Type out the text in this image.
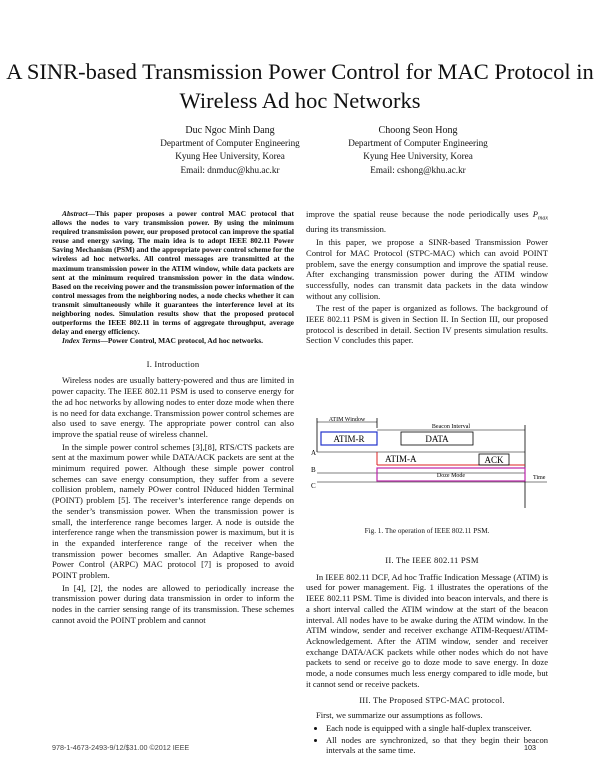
A SINR-based Transmission Power Control for MAC Protocol in Wireless Ad hoc Networks
Duc Ngoc Minh Dang
Department of Computer Engineering
Kyung Hee University, Korea
Email: dnmduc@khu.ac.kr
Choong Seon Hong
Department of Computer Engineering
Kyung Hee University, Korea
Email: cshong@khu.ac.kr

Abstract—This paper proposes a power control MAC protocol that allows the nodes to vary transmission power. By using the minimum required transmission power, our proposed protocol can improve the spatial reuse and energy saving. The main idea is to adopt IEEE 802.11 Power Saving Mechanism (PSM) and the appropriate power control scheme for the wireless ad hoc networks. All control messages are transmitted at the maximum transmission power in the ATIM window, while data packets are sent at the minimum required transmission power in the data window. Based on the receiving power and the transmission power information of the control messages from the neighboring nodes, a node checks whether it can transmit simultaneously while it guarantees the interference level at its neighboring nodes. Simulation results show that the proposed protocol outperforms the IEEE 802.11 in terms of aggregate throughput, average delay and energy efficiency.

Index Terms—Power Control, MAC protocol, Ad hoc networks.

I. Introduction

Wireless nodes are usually battery-powered and thus are limited in power capacity. The IEEE 802.11 PSM is used to conserve energy for the ad hoc networks by allowing nodes to enter doze mode when there is no need for data exchange. Transmission power control schemes are also used to save energy. The appropriate power control can also improve the spatial reuse of wireless channel.

In the simple power control schemes [3],[8], RTS/CTS packets are sent at the maximum power while DATA/ACK packets are sent at the minimum required power. Although these simple power control schemes can save energy consumption, they suffer from a severe collision problem, namely POwer control INduced hidden Terminal (POINT) problem [5]. The receiver’s interference range depends on the sender’s transmission power. When the transmission power is small, the interference range becomes larger. A node is outside the interference range when the transmission power is maximum, but it is in the expanded interference range of the receiver when the transmission power becomes smaller. An Adaptive Range-based Power Control (ARPC) MAC protocol [7] is proposed to avoid POINT problem.

In [4], [2], the nodes are allowed to periodically increase the transmission power during data transmission in order to inform the nodes in the carrier sensing range of its transmission. These schemes cannot avoid the POINT problem and cannot

improve the spatial reuse because the node periodically uses $P_{max}$ during its transmission.

In this paper, we propose a SINR-based Transmission Power Control for MAC Protocol (STPC-MAC) which can avoid POINT problem, save the energy consumption and improve the spatial reuse. After exchanging transmission power during the ATIM window successfully, nodes can transmit data packets in the data window without any collision.

The rest of the paper is organized as follows. The background of IEEE 802.11 PSM is given in Section II. In Section III, our proposed protocol is described in detail. Section IV presents simulation results. Section V concludes this paper.

ATIM Window
Beacon Interval
ATIM-R	DATA
A
ATIM-A	ACK
B
Doze Mode
C
Time
Fig. 1. The operation of IEEE 802.11 PSM.

II. The IEEE 802.11 PSM

In IEEE 802.11 DCF, Ad hoc Traffic Indication Message (ATIM) is used for power management. Fig. 1 illustrates the operations of the IEEE 802.11 PSM. Time is divided into beacon intervals, and there is a short interval called the ATIM window at the start of the beacon interval. All nodes have to be awake during the ATIM window. In the ATIM window, sender and receiver exchange ATIM-Request/ATIM-Acknowledgement. After the ATIM window, sender and receiver exchange DATA/ACK packets while other nodes which do not have packets to send or receive go to doze mode to save energy. In doze mode, a node consumes much less energy compared to idle mode, but it cannot send or receive packets.

III. The Proposed STPC-MAC protocol.

First, we summarize our assumptions as follows.

• Each node is equipped with a single half-duplex transceiver.
• All nodes are synchronized, so that they begin their beacon intervals at the same time.
978-1-4673-2493-9/12/$31.00 ©2012 IEEE	103
